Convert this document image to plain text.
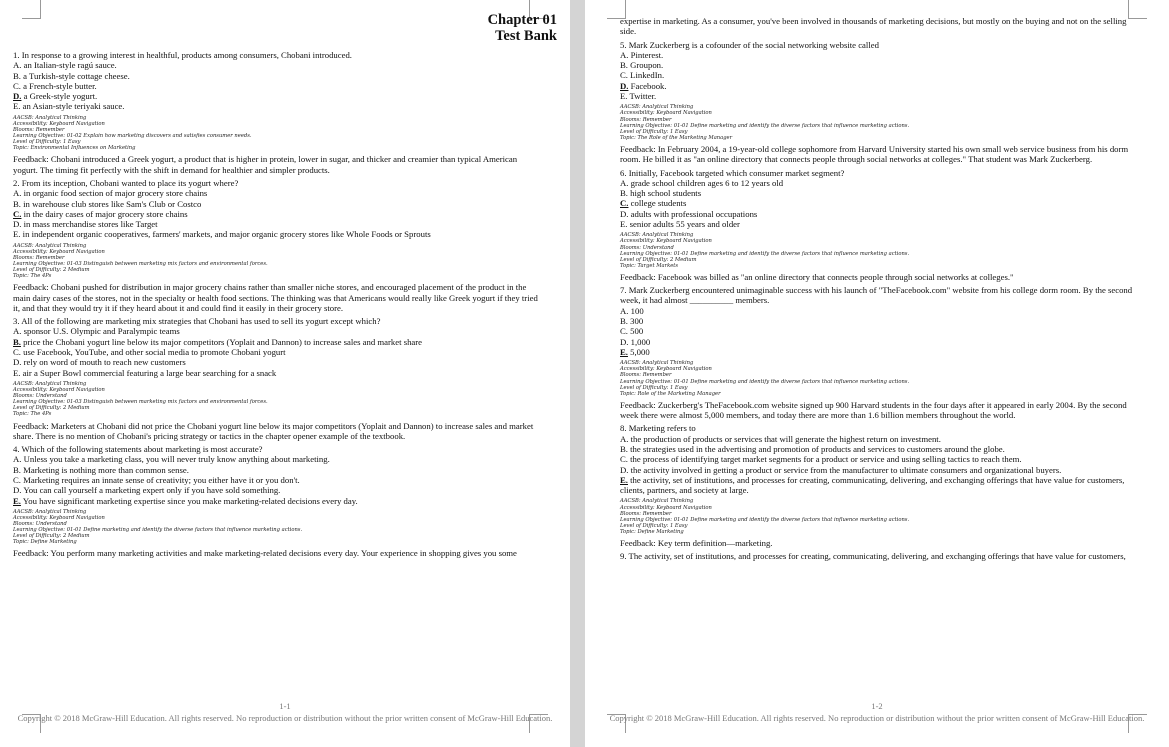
Chapter 01
Test Bank

1. In response to a growing interest in healthful, products among consumers, Chobani introduced.

A. an Italian-style ragú sauce.

B. a Turkish-style cottage cheese.

C. a French-style butter.

D. a Greek-style yogurt.

E. an Asian-style teriyaki sauce.

AACSB: Analytical Thinking

Accessibility: Keyboard Navigation

Blooms: Remember

Learning Objective: 01-02 Explain how marketing discovers and satisfies consumer needs.

Level of Difficulty: 1 Easy

Topic: Environmental Influences on Marketing

Feedback: Chobani introduced a Greek yogurt, a product that is higher in protein, lower in sugar, and thicker and creamier than typical American yogurt. The timing fit perfectly with the shift in demand for healthier and simpler products.

2. From its inception, Chobani wanted to place its yogurt where?

A. in organic food section of major grocery store chains

B. in warehouse club stores like Sam's Club or Costco

C. in the dairy cases of major grocery store chains

D. in mass merchandise stores like Target

E. in independent organic cooperatives, farmers' markets, and major organic grocery stores like Whole Foods or Sprouts

AACSB: Analytical Thinking

Accessibility: Keyboard Navigation

Blooms: Remember

Learning Objective: 01-03 Distinguish between marketing mix factors and environmental forces.

Level of Difficulty: 2 Medium

Topic: The 4Ps

Feedback: Chobani pushed for distribution in major grocery chains rather than smaller niche stores, and encouraged placement of the product in the main dairy cases of the stores, not in the specialty or health food sections. The thinking was that Americans would really like Greek yogurt if they tried it, and that they would try it if they heard about it and could find it easily in their grocery store.

3. All of the following are marketing mix strategies that Chobani has used to sell its yogurt except which?

A. sponsor U.S. Olympic and Paralympic teams

B. price the Chobani yogurt line below its major competitors (Yoplait and Dannon) to increase sales and market share

C. use Facebook, YouTube, and other social media to promote Chobani yogurt

D. rely on word of mouth to reach new customers

E. air a Super Bowl commercial featuring a large bear searching for a snack

AACSB: Analytical Thinking

Accessibility: Keyboard Navigation

Blooms: Understand

Learning Objective: 01-03 Distinguish between marketing mix factors and environmental forces.

Level of Difficulty: 2 Medium

Topic: The 4Ps

Feedback: Marketers at Chobani did not price the Chobani yogurt line below its major competitors (Yoplait and Dannon) to increase sales and market share. There is no mention of Chobani's pricing strategy or tactics in the chapter opener example of the textbook.

4. Which of the following statements about marketing is most accurate?

A. Unless you take a marketing class, you will never truly know anything about marketing.

B. Marketing is nothing more than common sense.

C. Marketing requires an innate sense of creativity; you either have it or you don't.

D. You can call yourself a marketing expert only if you have sold something.

E. You have significant marketing expertise since you make marketing-related decisions every day.

AACSB: Analytical Thinking

Accessibility: Keyboard Navigation

Blooms: Understand

Learning Objective: 01-01 Define marketing and identify the diverse factors that influence marketing actions.

Level of Difficulty: 2 Medium

Topic: Define Marketing

Feedback: You perform many marketing activities and make marketing-related decisions every day. Your experience in shopping gives you some

1-1
Copyright © 2018 McGraw-Hill Education. All rights reserved. No reproduction or distribution without the prior written consent of McGraw-Hill Education.

expertise in marketing. As a consumer, you've been involved in thousands of marketing decisions, but mostly on the buying and not on the selling side.

5. Mark Zuckerberg is a cofounder of the social networking website called

A. Pinterest.

B. Groupon.

C. LinkedIn.

D. Facebook.

E. Twitter.

AACSB: Analytical Thinking

Accessibility: Keyboard Navigation

Blooms: Remember

Learning Objective: 01-01 Define marketing and identify the diverse factors that influence marketing actions.

Level of Difficulty: 1 Easy

Topic: The Role of the Marketing Manager

Feedback: In February 2004, a 19-year-old college sophomore from Harvard University started his own small web service business from his dorm room. He billed it as "an online directory that connects people through social networks at colleges." That student was Mark Zuckerberg.

6. Initially, Facebook targeted which consumer market segment?

A. grade school children ages 6 to 12 years old

B. high school students

C. college students

D. adults with professional occupations

E. senior adults 55 years and older

AACSB: Analytical Thinking

Accessibility: Keyboard Navigation

Blooms: Understand

Learning Objective: 01-01 Define marketing and identify the diverse factors that influence marketing actions.

Level of Difficulty: 2 Medium

Topic: Target Markets

Feedback: Facebook was billed as "an online directory that connects people through social networks at colleges."

7. Mark Zuckerberg encountered unimaginable success with his launch of "TheFacebook.com" website from his college dorm room. By the second week, it had almost __________ members.

A. 100

B. 300

C. 500

D. 1,000

E. 5,000

AACSB: Analytical Thinking

Accessibility: Keyboard Navigation

Blooms: Remember

Learning Objective: 01-01 Define marketing and identify the diverse factors that influence marketing actions.

Level of Difficulty: 1 Easy

Topic: Role of the Marketing Manager

Feedback: Zuckerberg's TheFacebook.com website signed up 900 Harvard students in the four days after it appeared in early 2004. By the second week there were almost 5,000 members, and today there are more than 1.6 billion members throughout the world.

8. Marketing refers to

A. the production of products or services that will generate the highest return on investment.

B. the strategies used in the advertising and promotion of products and services to customers around the globe.

C. the process of identifying target market segments for a product or service and using selling tactics to reach them.

D. the activity involved in getting a product or service from the manufacturer to ultimate consumers and organizational buyers.

E. the activity, set of institutions, and processes for creating, communicating, delivering, and exchanging offerings that have value for customers, clients, partners, and society at large.

AACSB: Analytical Thinking

Accessibility: Keyboard Navigation

Blooms: Remember

Learning Objective: 01-01 Define marketing and identify the diverse factors that influence marketing actions.

Level of Difficulty: 1 Easy

Topic: Define Marketing

Feedback: Key term definition—marketing.

9. The activity, set of institutions, and processes for creating, communicating, delivering, and exchanging offerings that have value for customers,

1-2
Copyright © 2018 McGraw-Hill Education. All rights reserved. No reproduction or distribution without the prior written consent of McGraw-Hill Education.
